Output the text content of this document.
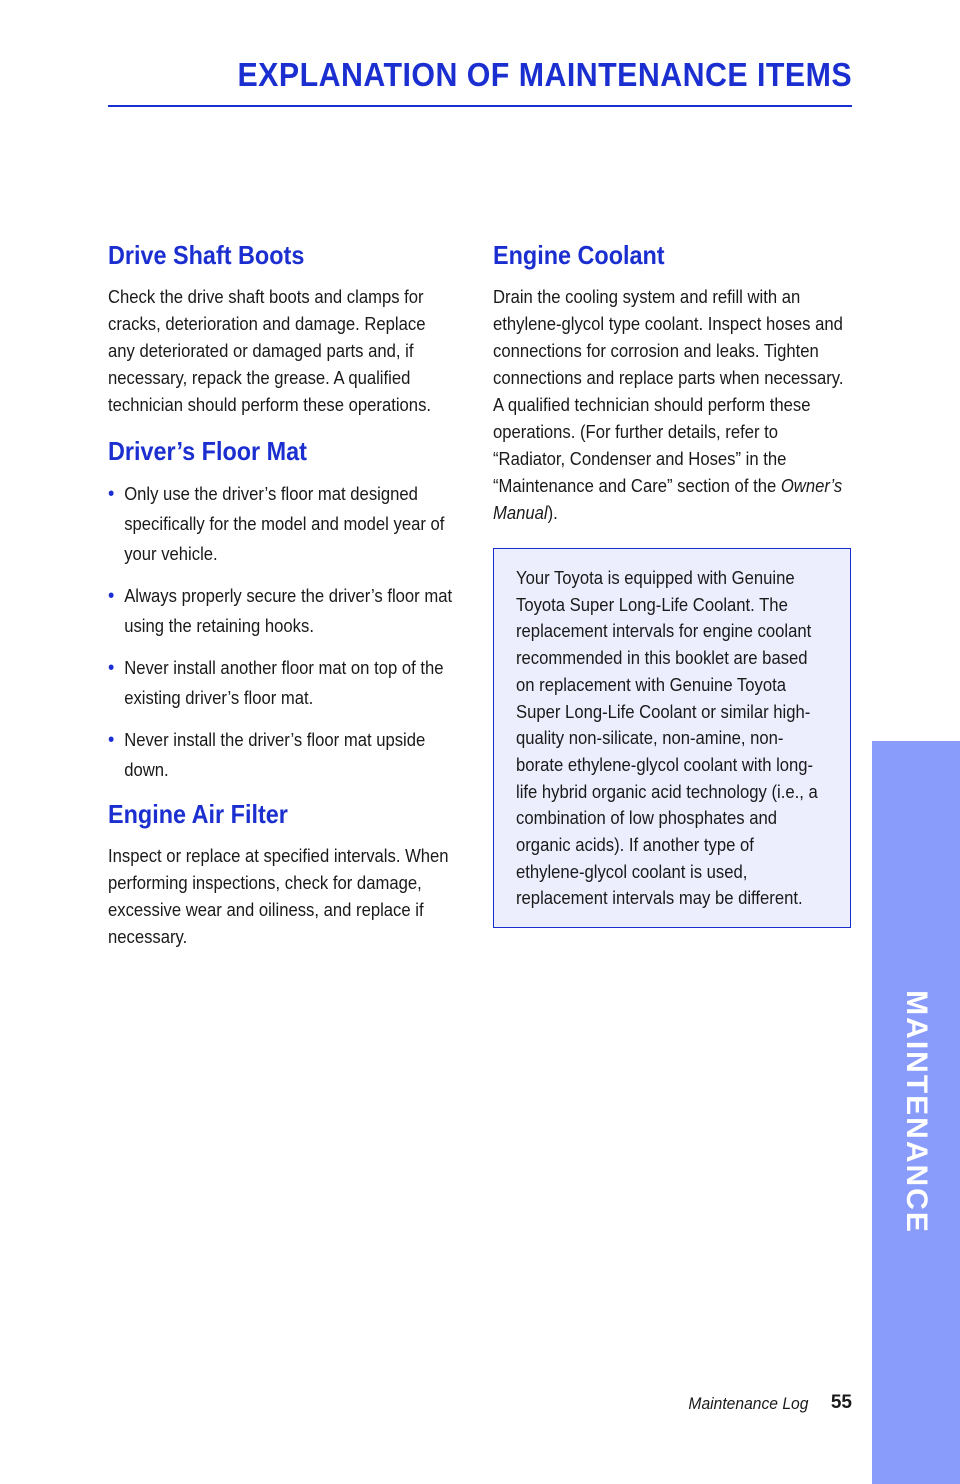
EXPLANATION OF MAINTENANCE ITEMS
Drive Shaft Boots

Check the drive shaft boots and clamps for cracks, deterioration and damage. Replace any deteriorated or damaged parts and, if necessary, repack the grease. A qualified technician should perform these operations.

Driver’s Floor Mat
• Only use the driver’s floor mat designed specifically for the model and model year of your vehicle.
• Always properly secure the driver’s floor mat using the retaining hooks.
• Never install another floor mat on top of the existing driver’s floor mat.
• Never install the driver’s floor mat upside down.
Engine Air Filter

Inspect or replace at specified intervals. When performing inspections, check for damage, excessive wear and oiliness, and replace if necessary.

Engine Coolant

Drain the cooling system and refill with an ethylene-glycol type coolant. Inspect hoses and connections for corrosion and leaks. Tighten connections and replace parts when necessary. A qualified technician should perform these operations. (For further details, refer to “Radiator, Condenser and Hoses” in the “Maintenance and Care” section of the Owner’s Manual).

Your Toyota is equipped with Genuine Toyota Super Long-Life Coolant. The replacement intervals for engine coolant recommended in this booklet are based on replacement with Genuine Toyota Super Long-Life Coolant or similar high-quality non-silicate, non-amine, non-borate ethylene-glycol coolant with long-life hybrid organic acid technology (i.e., a combination of low phosphates and organic acids). If another type of ethylene-glycol coolant is used, replacement intervals may be different.

MAINTENANCE
Maintenance Log 55
